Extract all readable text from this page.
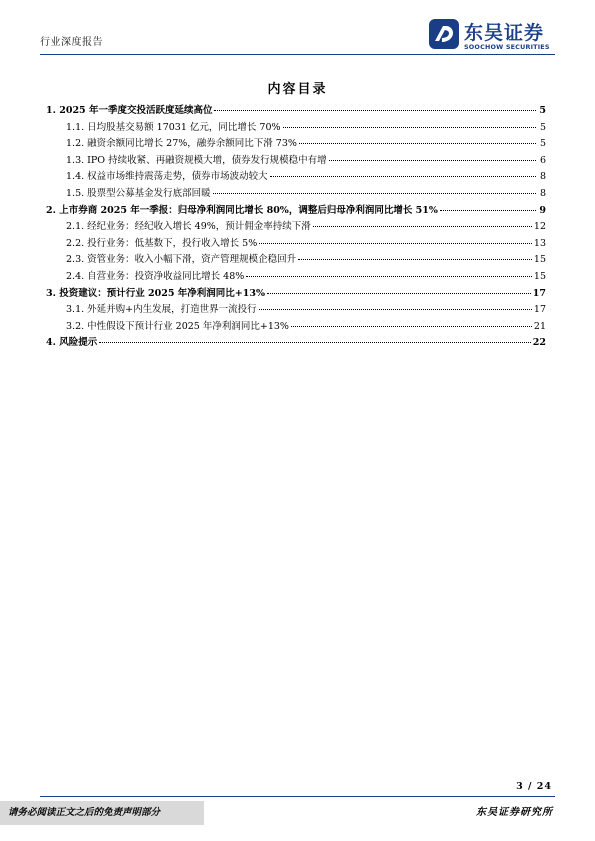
行业深度报告	东吴证券
SOOCHOW SECURITIES
内容目录
1. 2025 年一季度交投活跃度延续高位	5
1.1. 日均股基交易额 17031 亿元，同比增长 70%	5
1.2. 融资余额同比增长 27%，融券余额同比下滑 73%	5
1.3. IPO 持续收紧、再融资规模大增，债券发行规模稳中有增	6
1.4. 权益市场维持震荡走势，债券市场波动较大	8
1.5. 股票型公募基金发行底部回暖	8
2. 上市券商 2025 年一季报：归母净利润同比增长 80%，调整后归母净利润同比增长 51%	9
2.1. 经纪业务：经纪收入增长 49%，预计佣金率持续下滑	12
2.2. 投行业务：低基数下，投行收入增长 5%	13
2.3. 资管业务：收入小幅下滑，资产管理规模企稳回升	15
2.4. 自营业务：投资净收益同比增长 48%	15
3. 投资建议：预计行业 2025 年净利润同比+13%	17
3.1. 外延并购+内生发展，打造世界一流投行	17
3.2. 中性假设下预计行业 2025 年净利润同比+13%	21
4. 风险提示	22
3 / 24
请务必阅读正文之后的免责声明部分	东吴证券研究所
